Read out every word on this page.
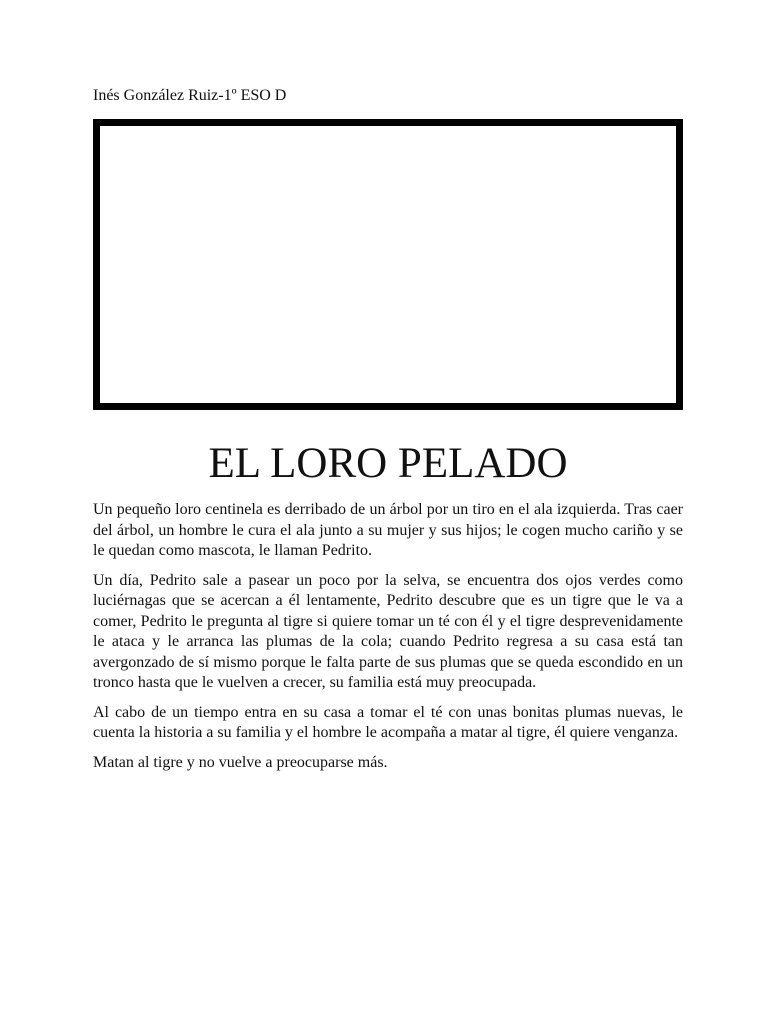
Inés González Ruiz-1º ESO D
EL LORO PELADO

Un pequeño loro centinela es derribado de un árbol por un tiro en el ala izquierda. Tras caer del árbol, un hombre le cura el ala junto a su mujer y sus hijos; le cogen mucho cariño y se le quedan como mascota, le llaman Pedrito.

Un día, Pedrito sale a pasear un poco por la selva, se encuentra dos ojos verdes como luciérnagas que se acercan a él lentamente, Pedrito descubre que es un tigre que le va a comer, Pedrito le pregunta al tigre si quiere tomar un té con él y el tigre desprevenidamente le ataca y le arranca las plumas de la cola; cuando Pedrito regresa a su casa está tan avergonzado de sí mismo porque le falta parte de sus plumas que se queda escondido en un tronco hasta que le vuelven a crecer, su familia está muy preocupada.

Al cabo de un tiempo entra en su casa a tomar el té con unas bonitas plumas nuevas, le cuenta la historia a su familia y el hombre le acompaña a matar al tigre, él quiere venganza.

Matan al tigre y no vuelve a preocuparse más.
